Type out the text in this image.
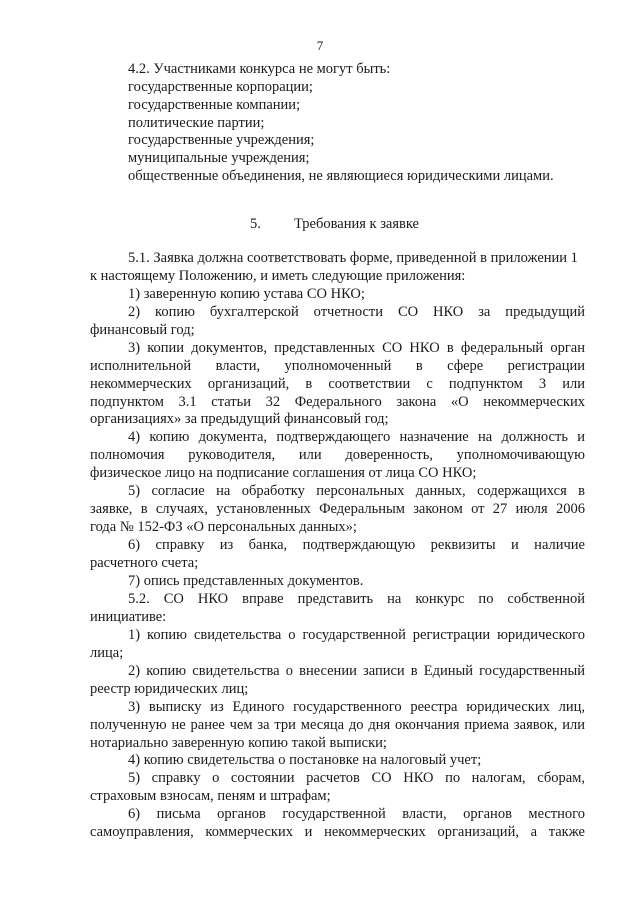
7
4.2. Участниками конкурса не могут быть:
государственные корпорации;
государственные компании;
политические партии;
государственные учреждения;
муниципальные учреждения;
общественные объединения, не являющиеся юридическими лицами.
5. Требования к заявке
5.1. Заявка должна соответствовать форме, приведенной в приложении 1
к настоящему Положению, и иметь следующие приложения:
1) заверенную копию устава СО НКО;
2) копию бухгалтерской отчетности СО НКО за предыдущий
финансовый год;
3) копии документов, представленных СО НКО в федеральный орган
исполнительной власти, уполномоченный в сфере регистрации
некоммерческих организаций, в соответствии с подпунктом 3 или
подпунктом 3.1 статьи 32 Федерального закона «О некоммерческих
организациях» за предыдущий финансовый год;
4) копию документа, подтверждающего назначение на должность и
полномочия руководителя, или доверенность, уполномочивающую
физическое лицо на подписание соглашения от лица СО НКО;
5) согласие на обработку персональных данных, содержащихся в
заявке, в случаях, установленных Федеральным законом от 27 июля 2006
года № 152-ФЗ «О персональных данных»;
6) справку из банка, подтверждающую реквизиты и наличие
расчетного счета;
7) опись представленных документов.
5.2. СО НКО вправе представить на конкурс по собственной
инициативе:
1) копию свидетельства о государственной регистрации юридического
лица;
2) копию свидетельства о внесении записи в Единый государственный
реестр юридических лиц;
3) выписку из Единого государственного реестра юридических лиц,
полученную не ранее чем за три месяца до дня окончания приема заявок, или
нотариально заверенную копию такой выписки;
4) копию свидетельства о постановке на налоговый учет;
5) справку о состоянии расчетов СО НКО по налогам, сборам,
страховым взносам, пеням и штрафам;
6) письма органов государственной власти, органов местного
самоуправления, коммерческих и некоммерческих организаций, а также
